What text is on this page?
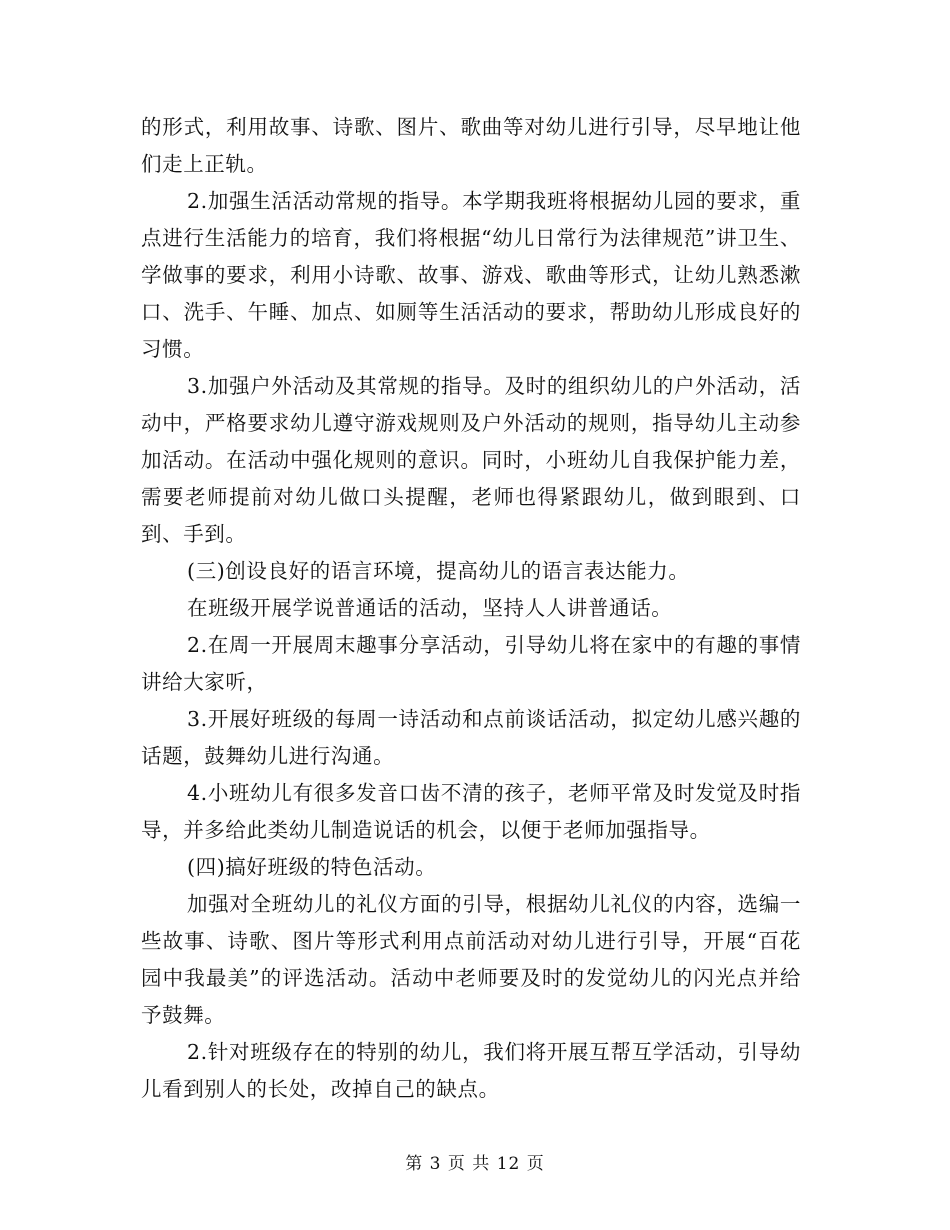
的形式，利用故事、诗歌、图片、歌曲等对幼儿进行引导，尽早地让他们走上正轨。

2.加强生活活动常规的指导。本学期我班将根据幼儿园的要求，重点进行生活能力的培育，我们将根据“幼儿日常行为法律规范”讲卫生、学做事的要求，利用小诗歌、故事、游戏、歌曲等形式，让幼儿熟悉漱口、洗手、午睡、加点、如厕等生活活动的要求，帮助幼儿形成良好的习惯。

3.加强户外活动及其常规的指导。及时的组织幼儿的户外活动，活动中，严格要求幼儿遵守游戏规则及户外活动的规则，指导幼儿主动参加活动。在活动中强化规则的意识。同时，小班幼儿自我保护能力差，需要老师提前对幼儿做口头提醒，老师也得紧跟幼儿，做到眼到、口到、手到。

(三)创设良好的语言环境，提高幼儿的语言表达能力。

在班级开展学说普通话的活动，坚持人人讲普通话。

2.在周一开展周末趣事分享活动，引导幼儿将在家中的有趣的事情讲给大家听，

3.开展好班级的每周一诗活动和点前谈话活动，拟定幼儿感兴趣的话题，鼓舞幼儿进行沟通。

4.小班幼儿有很多发音口齿不清的孩子，老师平常及时发觉及时指导，并多给此类幼儿制造说话的机会，以便于老师加强指导。

(四)搞好班级的特色活动。

加强对全班幼儿的礼仪方面的引导，根据幼儿礼仪的内容，选编一些故事、诗歌、图片等形式利用点前活动对幼儿进行引导，开展“百花园中我最美”的评选活动。活动中老师要及时的发觉幼儿的闪光点并给予鼓舞。

2.针对班级存在的特别的幼儿，我们将开展互帮互学活动，引导幼儿看到别人的长处，改掉自己的缺点。

第 3 页 共 12 页
